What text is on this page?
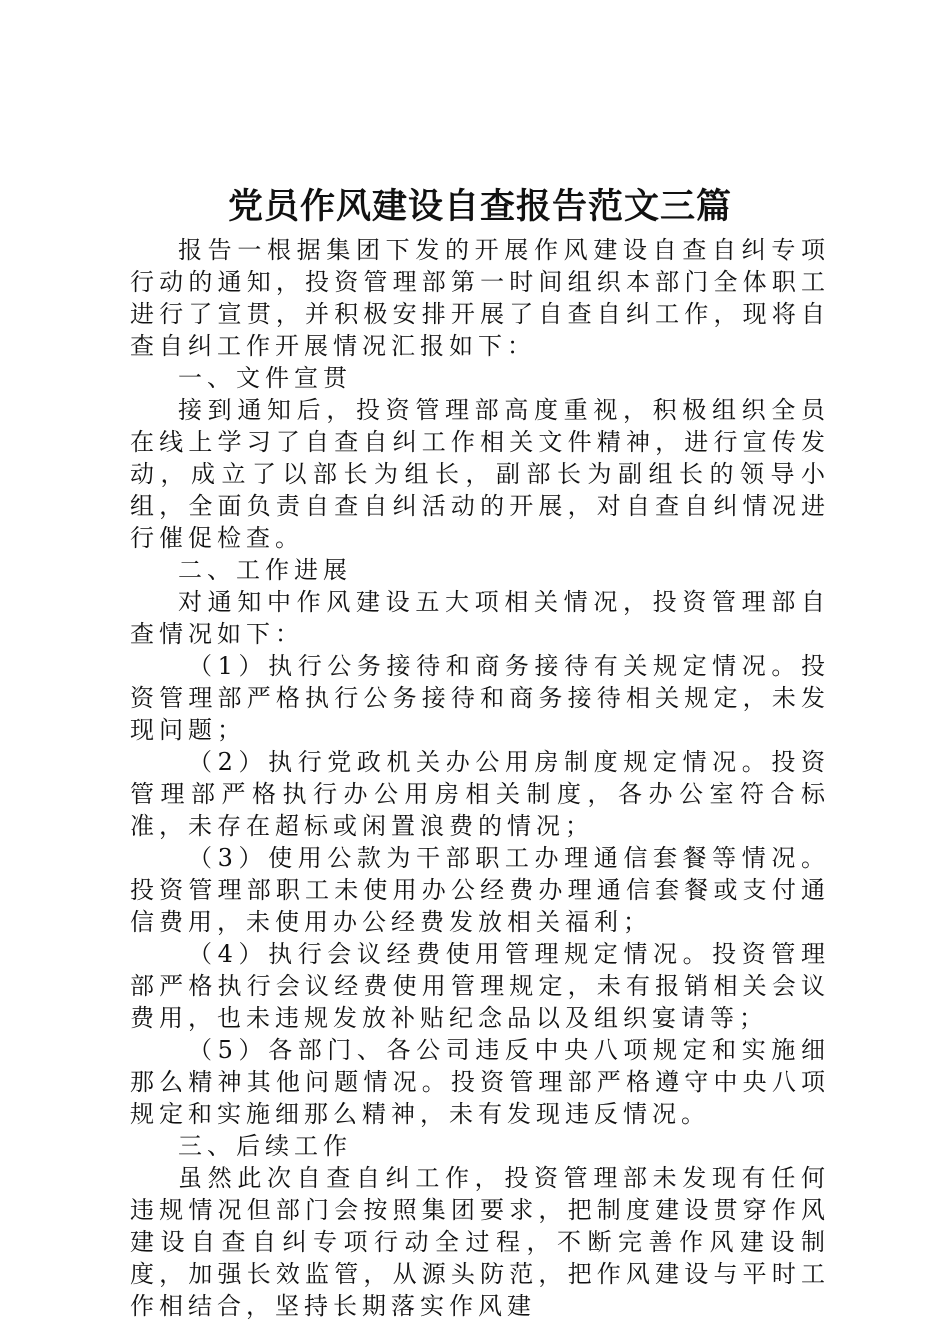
党员作风建设自查报告范文三篇

报告一根据集团下发的开展作风建设自查自纠专项行动的通知，投资管理部第一时间组织本部门全体职工进行了宣贯，并积极安排开展了自查自纠工作，现将自查自纠工作开展情况汇报如下：

一、文件宣贯

接到通知后，投资管理部高度重视，积极组织全员在线上学习了自查自纠工作相关文件精神，进行宣传发动，成立了以部长为组长，副部长为副组长的领导小组，全面负责自查自纠活动的开展，对自查自纠情况进行催促检查。

二、工作进展

对通知中作风建设五大项相关情况，投资管理部自查情况如下：

（1）执行公务接待和商务接待有关规定情况。投资管理部严格执行公务接待和商务接待相关规定，未发现问题；

（2）执行党政机关办公用房制度规定情况。投资管理部严格执行办公用房相关制度，各办公室符合标准，未存在超标或闲置浪费的情况；

（3）使用公款为干部职工办理通信套餐等情况。投资管理部职工未使用办公经费办理通信套餐或支付通信费用，未使用办公经费发放相关福利；

（4）执行会议经费使用管理规定情况。投资管理部严格执行会议经费使用管理规定，未有报销相关会议费用，也未违规发放补贴纪念品以及组织宴请等；

（5）各部门、各公司违反中央八项规定和实施细那么精神其他问题情况。投资管理部严格遵守中央八项规定和实施细那么精神，未有发现违反情况。

三、后续工作

虽然此次自查自纠工作，投资管理部未发现有任何违规情况但部门会按照集团要求，把制度建设贯穿作风建设自查自纠专项行动全过程，不断完善作风建设制度，加强长效监管，从源头防范，把作风建设与平时工作相结合，坚持长期落实作风建
